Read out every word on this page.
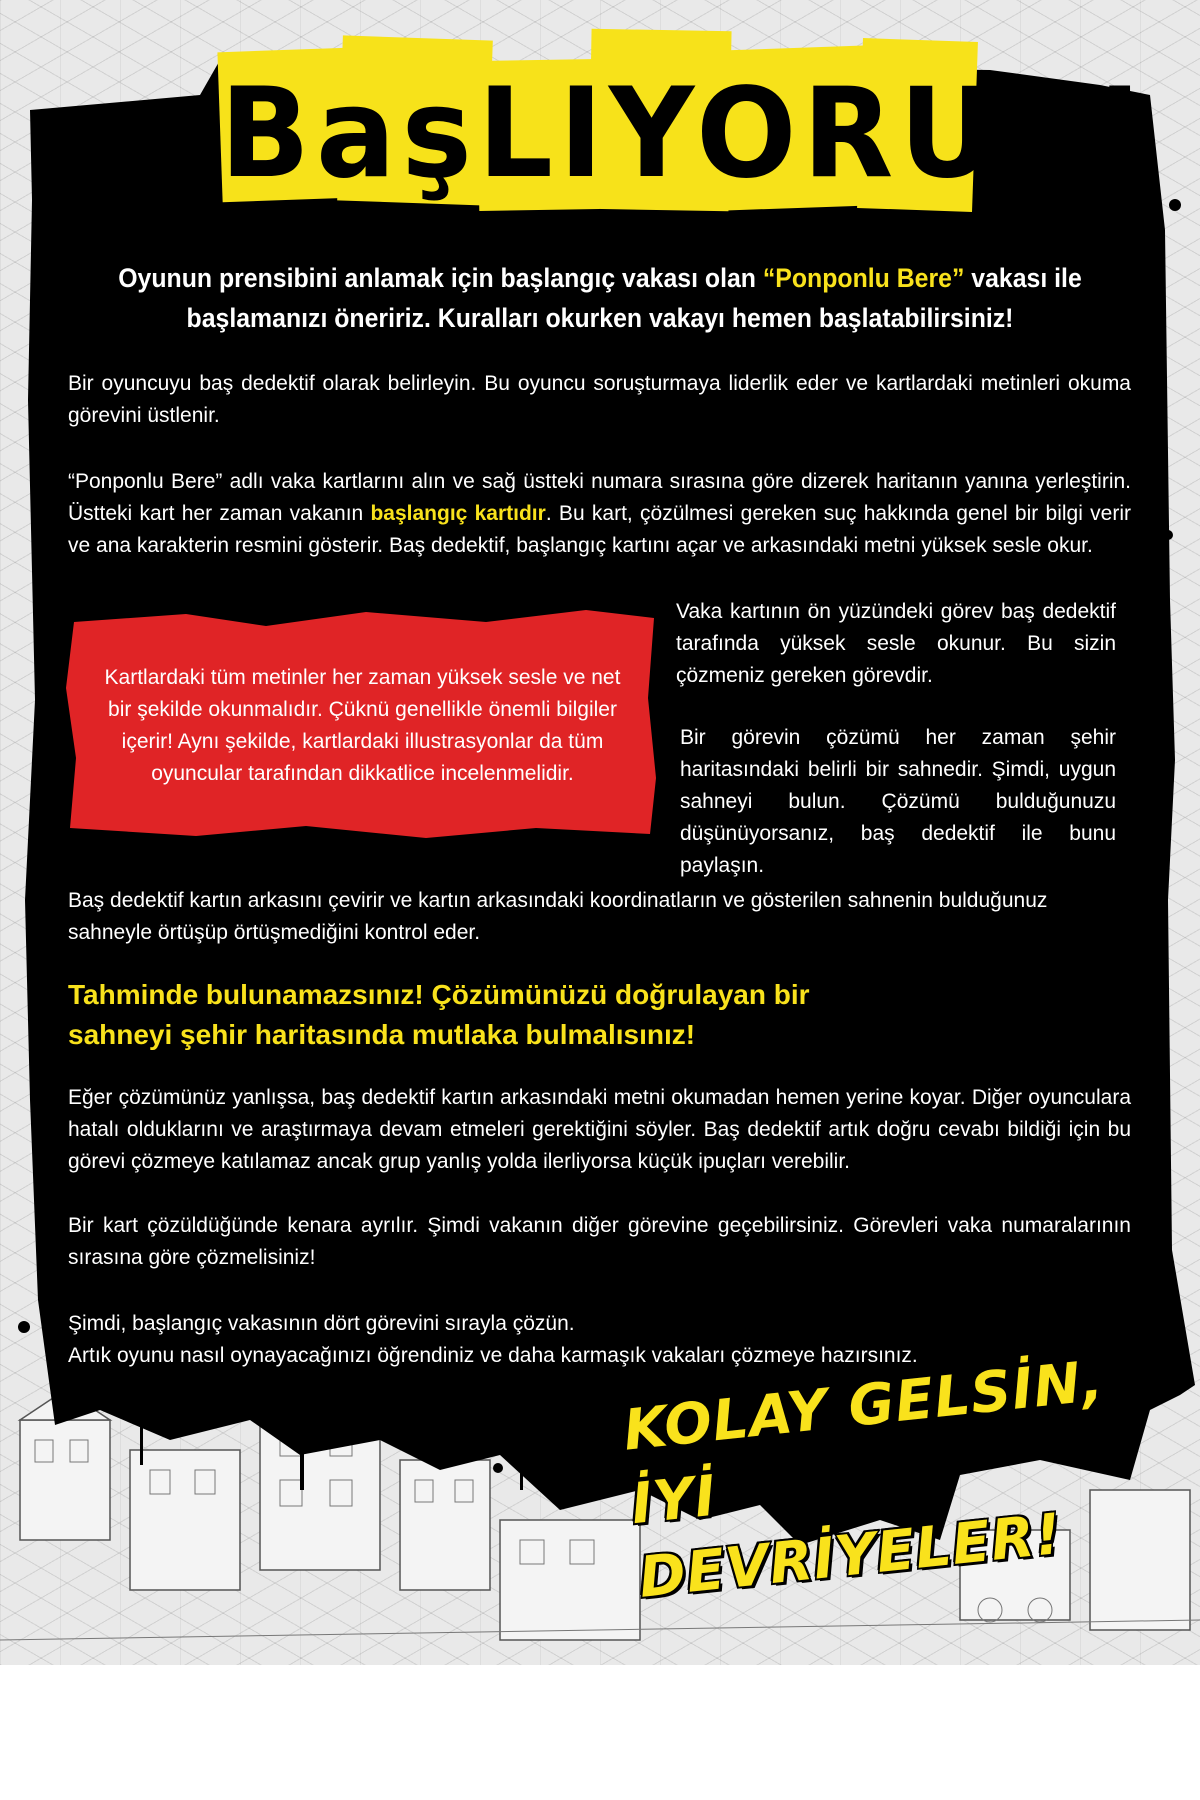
BaşLIYORUZ!
Oyunun prensibini anlamak için başlangıç vakası olan “Ponponlu Bere” vakası ile başlamanızı öneririz. Kuralları okurken vakayı hemen başlatabilirsiniz!

Bir oyuncuyu baş dedektif olarak belirleyin. Bu oyuncu soruşturmaya liderlik eder ve kartlardaki metinleri okuma görevini üstlenir.

“Ponponlu Bere” adlı vaka kartlarını alın ve sağ üstteki numara sırasına göre dizerek haritanın yanına yerleştirin. Üstteki kart her zaman vakanın başlangıç kartıdır. Bu kart, çözülmesi gereken suç hakkında genel bir bilgi verir ve ana karakterin resmini gösterir. Baş dedektif, başlangıç kartını açar ve arkasındaki metni yüksek sesle okur.

Kartlardaki tüm metinler her zaman yüksek sesle ve net bir şekilde okunmalıdır. Çüknü genellikle önemli bilgiler içerir! Aynı şekilde, kartlardaki illustrasyonlar da tüm oyuncular tarafından dikkatlice incelenmelidir.

Vaka kartının ön yüzündeki görev baş dedektif tarafında yüksek sesle okunur. Bu sizin çözmeniz gereken görevdir.

Bir görevin çözümü her zaman şehir haritasındaki belirli bir sahnedir. Şimdi, uygun sahneyi bulun. Çözümü bulduğunuzu düşünüyorsanız, baş dedektif ile bunu paylaşın.

Baş dedektif kartın arkasını çevirir ve kartın arkasındaki koordinatların ve gösterilen sahnenin bulduğunuz sahneyle örtüşüp örtüşmediğini kontrol eder.

Tahminde bulunamazsınız! Çözümünüzü doğrulayan bir
sahneyi şehir haritasında mutlaka bulmalısınız!

Eğer çözümünüz yanlışsa, baş dedektif kartın arkasındaki metni okumadan hemen yerine koyar. Diğer oyunculara hatalı olduklarını ve araştırmaya devam etmeleri gerektiğini söyler. Baş dedektif artık doğru cevabı bildiği için bu görevi çözmeye katılamaz ancak grup yanlış yolda ilerliyorsa küçük ipuçları verebilir.

Bir kart çözüldüğünde kenara ayrılır. Şimdi vakanın diğer görevine geçebilirsiniz. Görevleri vaka numaralarının sırasına göre çözmelisiniz!

Şimdi, başlangıç vakasının dört görevini sırayla çözün.

Artık oyunu nasıl oynayacağınızı öğrendiniz ve daha karmaşık vakaları çözmeye hazırsınız.

KOLAY GELSİN,
İYİ DEVRİYELER!
